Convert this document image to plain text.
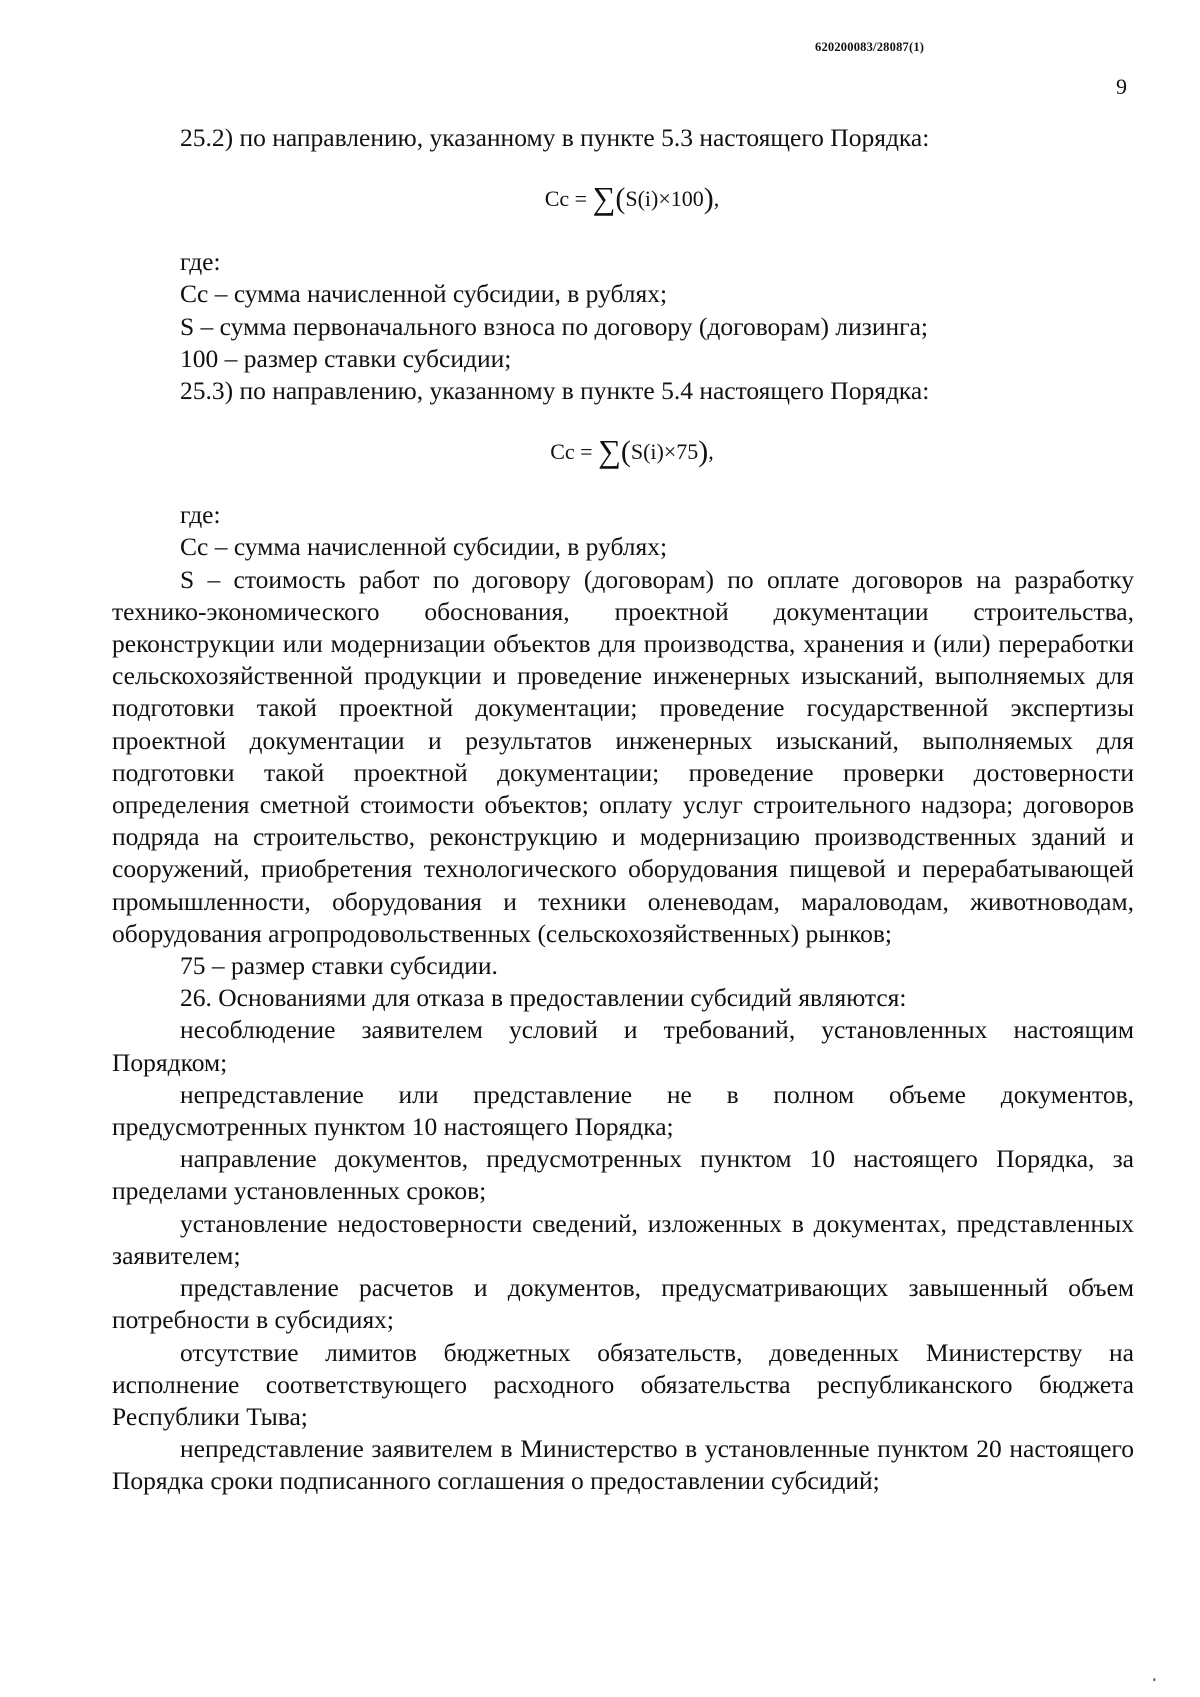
620200083/28087(1)
9

25.2) по направлению, указанному в пункте 5.3 настоящего Порядка:

Cc = ∑(S(i)×100),

где:

Cc – сумма начисленной субсидии, в рублях;

S – сумма первоначального взноса по договору (договорам) лизинга;

100 – размер ставки субсидии;

25.3) по направлению, указанному в пункте 5.4 настоящего Порядка:

Cc = ∑(S(i)×75),

где:

Cc – сумма начисленной субсидии, в рублях;

S – стоимость работ по договору (договорам) по оплате договоров на разработку технико-экономического обоснования, проектной документации строительства, реконструкции или модернизации объектов для производства, хранения и (или) переработки сельскохозяйственной продукции и проведение инженерных изысканий, выполняемых для подготовки такой проектной документации; проведение государственной экспертизы проектной документации и результатов инженерных изысканий, выполняемых для подготовки такой проектной документации; проведение проверки достоверности определения сметной стоимости объектов; оплату услуг строительного надзора; договоров подряда на строительство, реконструкцию и модернизацию производственных зданий и сооружений, приобретения технологического оборудования пищевой и перерабатывающей промышленности, оборудования и техники оленеводам, мараловодам, животноводам, оборудования агропродовольственных (сельскохозяйственных) рынков;

75 – размер ставки субсидии.

26. Основаниями для отказа в предоставлении субсидий являются:

несоблюдение заявителем условий и требований, установленных настоящим Порядком;

непредставление или представление не в полном объеме документов, предусмотренных пунктом 10 настоящего Порядка;

направление документов, предусмотренных пунктом 10 настоящего Порядка, за пределами установленных сроков;

установление недостоверности сведений, изложенных в документах, представленных заявителем;

представление расчетов и документов, предусматривающих завышенный объем потребности в субсидиях;

отсутствие лимитов бюджетных обязательств, доведенных Министерству на исполнение соответствующего расходного обязательства республиканского бюджета Республики Тыва;

непредставление заявителем в Министерство в установленные пунктом 20 настоящего Порядка сроки подписанного соглашения о предоставлении субсидий;

.
